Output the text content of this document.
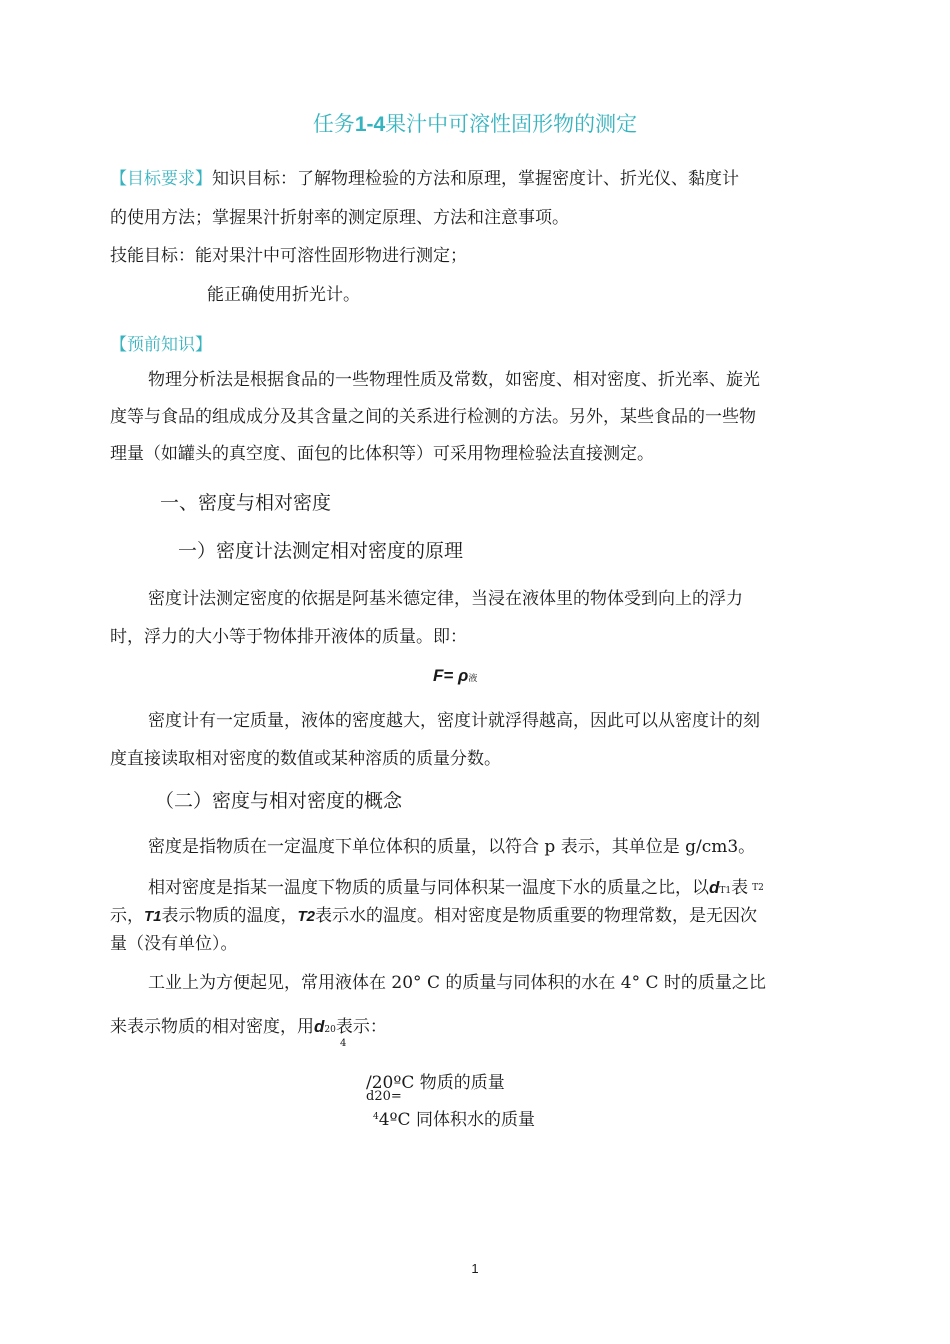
任务1-4果汁中可溶性固形物的测定
【目标要求】知识目标：了解物理检验的方法和原理，掌握密度计、折光仪、黏度计
的使用方法；掌握果汁折射率的测定原理、方法和注意事项。
技能目标：能对果汁中可溶性固形物进行测定；
能正确使用折光计。
【预前知识】
物理分析法是根据食品的一些物理性质及常数，如密度、相对密度、折光率、旋光
度等与食品的组成成分及其含量之间的关系进行检测的方法。另外，某些食品的一些物
理量（如罐头的真空度、面包的比体积等）可采用物理检验法直接测定。
一、密度与相对密度
一）密度计法测定相对密度的原理
密度计法测定密度的依据是阿基米德定律，当浸在液体里的物体受到向上的浮力
时，浮力的大小等于物体排开液体的质量。即：
F= ρ液
密度计有一定质量，液体的密度越大，密度计就浮得越高，因此可以从密度计的刻
度直接读取相对密度的数值或某种溶质的质量分数。
（二）密度与相对密度的概念
密度是指物质在一定温度下单位体积的质量，以符合 p 表示，其单位是 g/cm3。
相对密度是指某一温度下物质的质量与同体积某一温度下水的质量之比，以dT1表 T2
示，T1表示物质的温度，T2表示水的温度。相对密度是物质重要的物理常数，是无因次
量（没有单位）。
工业上为方便起见，常用液体在 20° C 的质量与同体积的水在 4° C 时的质量之比
来表示物质的相对密度，用d20表示：
4
/20ºC 物质的质量
d20=
$^4$4ºC 同体积水的质量
1
